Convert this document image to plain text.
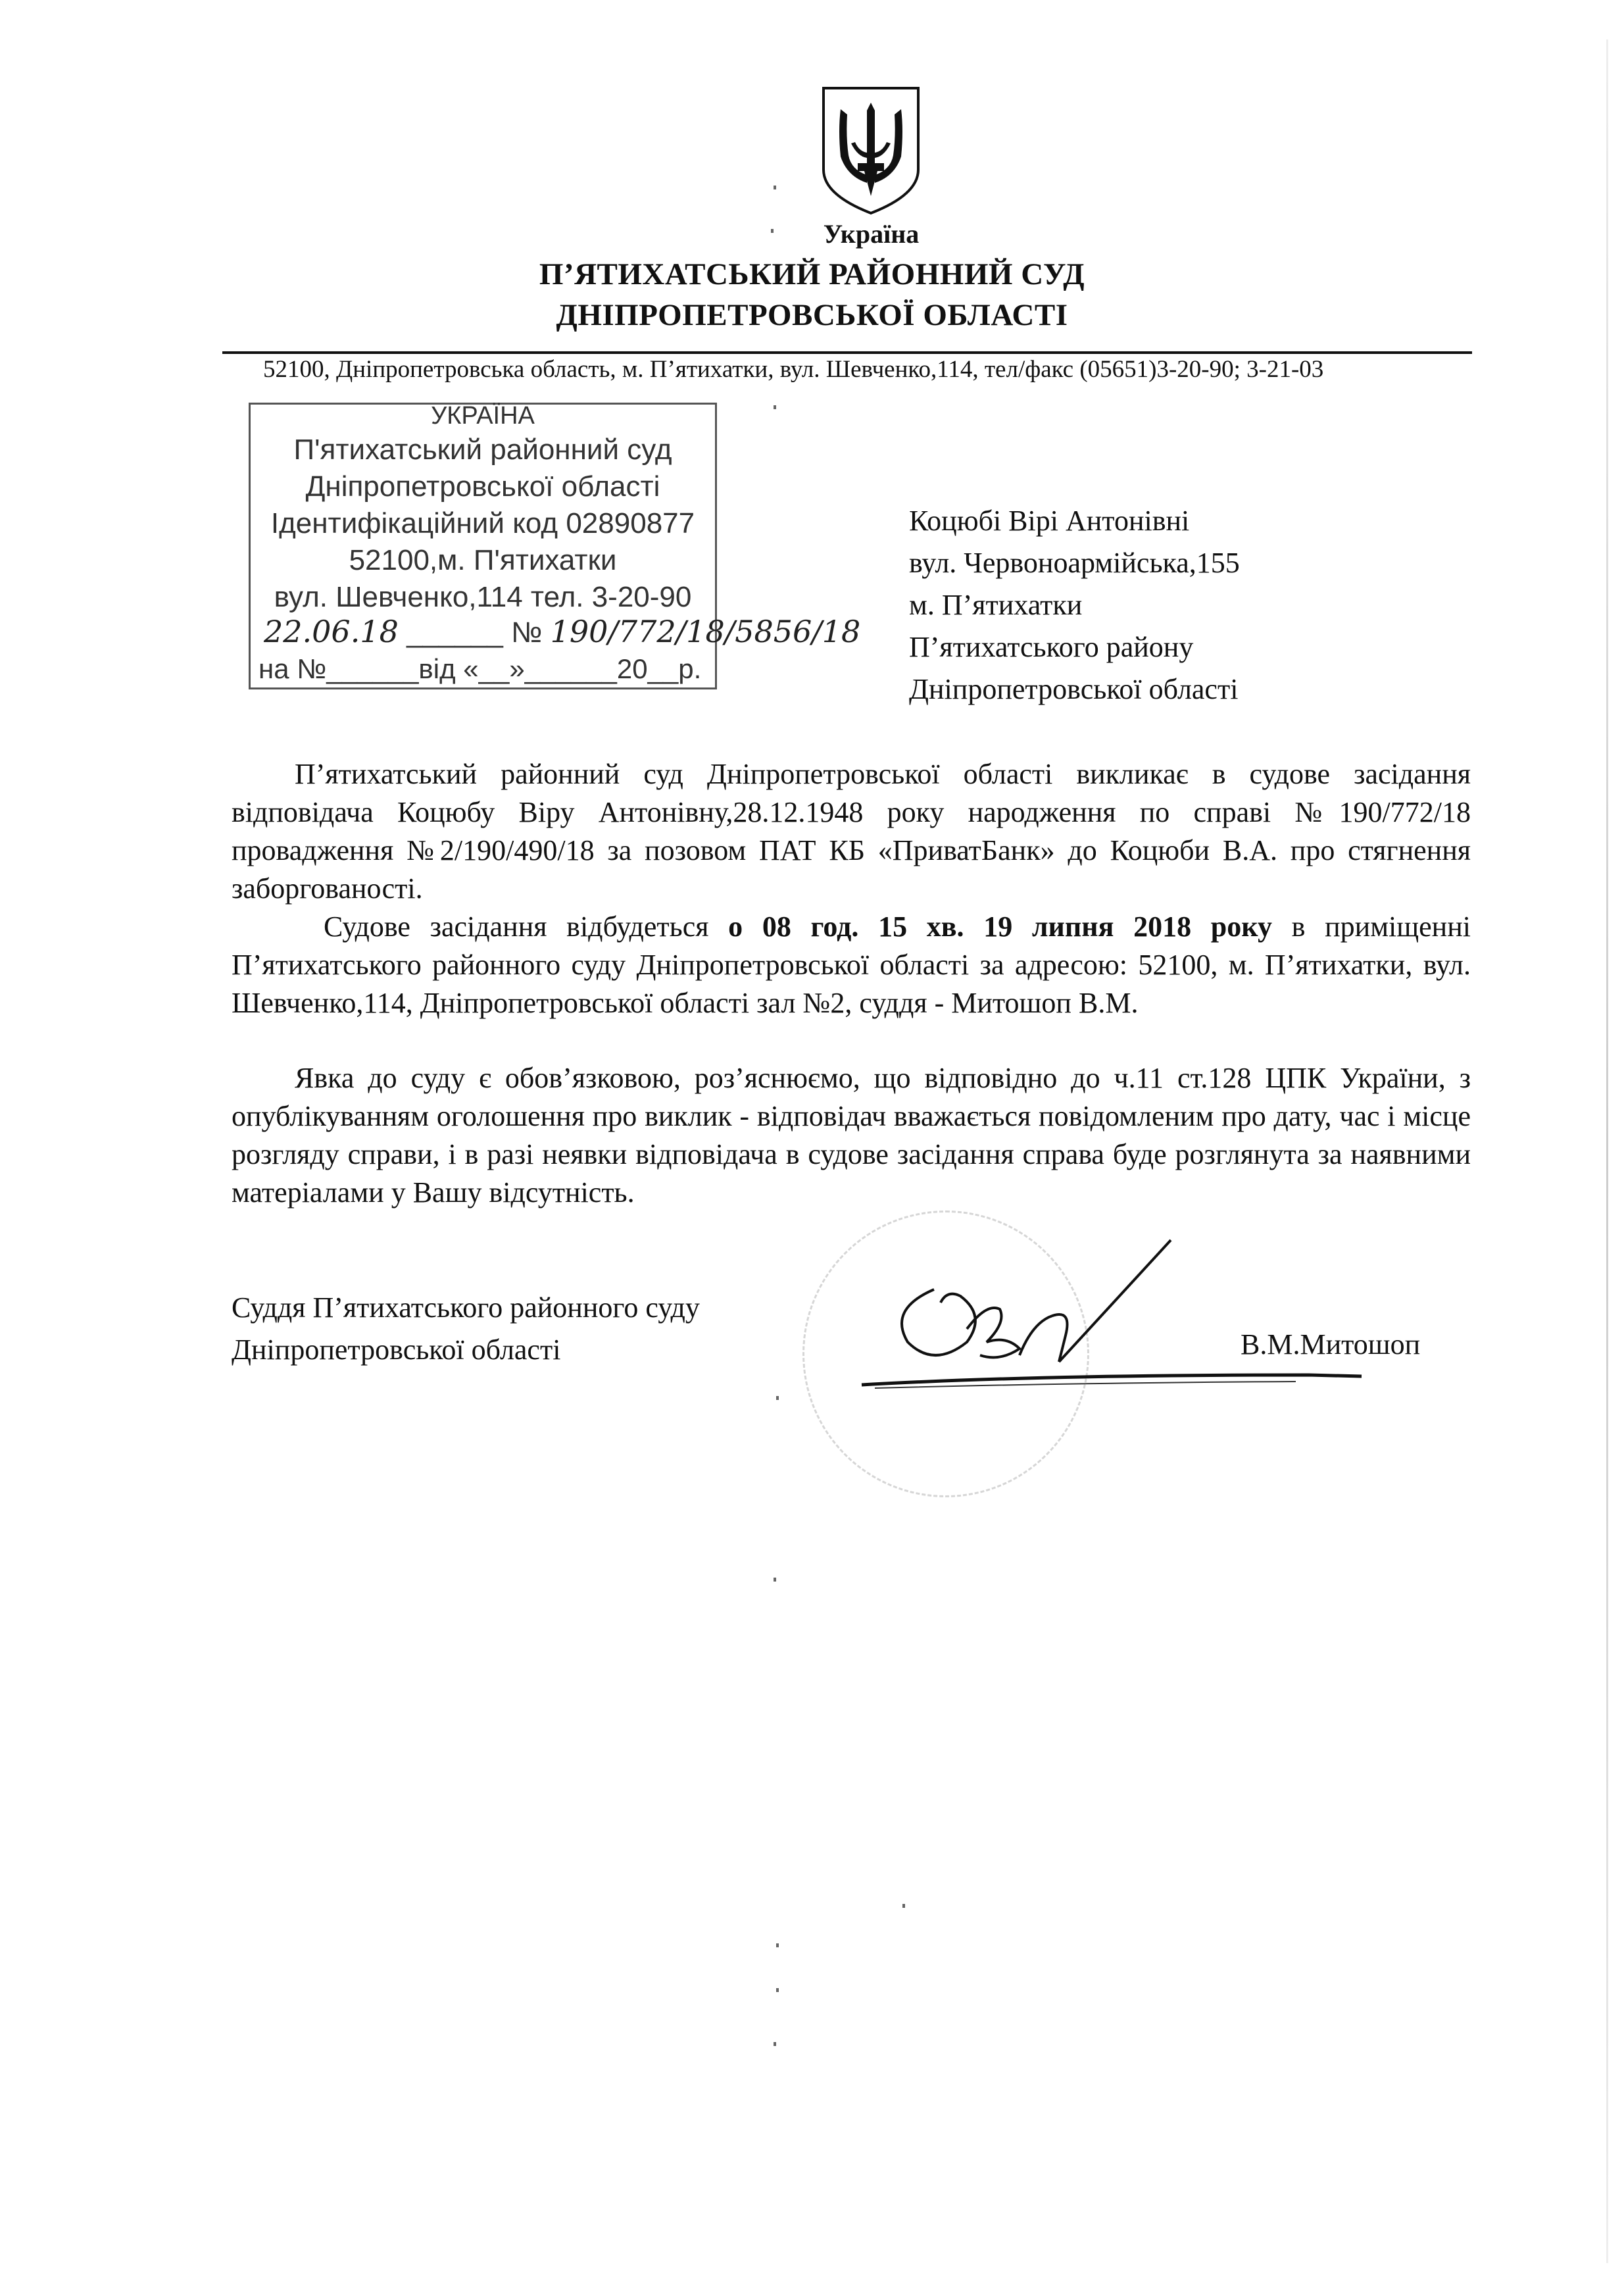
Україна
П’ЯТИХАТСЬКИЙ РАЙОННИЙ СУД
ДНІПРОПЕТРОВСЬКОЇ ОБЛАСТІ
52100, Дніпропетровська область, м. П’ятихатки, вул. Шевченко,114, тел/факс (05651)3-20-90; 3-21-03
УКРАЇНА
П'ятихатський районний суд
Дніпропетровської області
Ідентифікаційний код 02890877
52100,м. П'ятихатки
вул. Шевченко,114 тел. 3-20-90
22.06.18 ______ № 190/772/18/5856/18
на №______від «__»______20__р.
Коцюбі Вірі Антонівні
вул. Червоноармійська,155
м. П’ятихатки
П’ятихатського району
Дніпропетровської області
П’ятихатський районний суд Дніпропетровської області викликає в судове засідання відповідача Коцюбу Віру Антонівну,28.12.1948 року народження по справі №190/772/18 провадження №2/190/490/18 за позовом ПАТ КБ «ПриватБанк» до Коцюби В.А. про стягнення заборгованості.
Судове засідання відбудеться о 08 год. 15 хв. 19 липня 2018 року в приміщенні П’ятихатського районного суду Дніпропетровської області за адресою: 52100, м. П’ятихатки, вул. Шевченко,114, Дніпропетровської області зал №2, суддя - Митошоп В.М.
Явка до суду є обов’язковою, роз’яснюємо, що відповідно до ч.11 ст.128 ЦПК України, з опублікуванням оголошення про виклик - відповідач вважається повідомленим про дату, час і місце розгляду справи, і в разі неявки відповідача в судове засідання справа буде розглянута за наявними матеріалами у Вашу відсутність.
Суддя П’ятихатського районного суду
Дніпропетровської області	В.М.Митошоп
